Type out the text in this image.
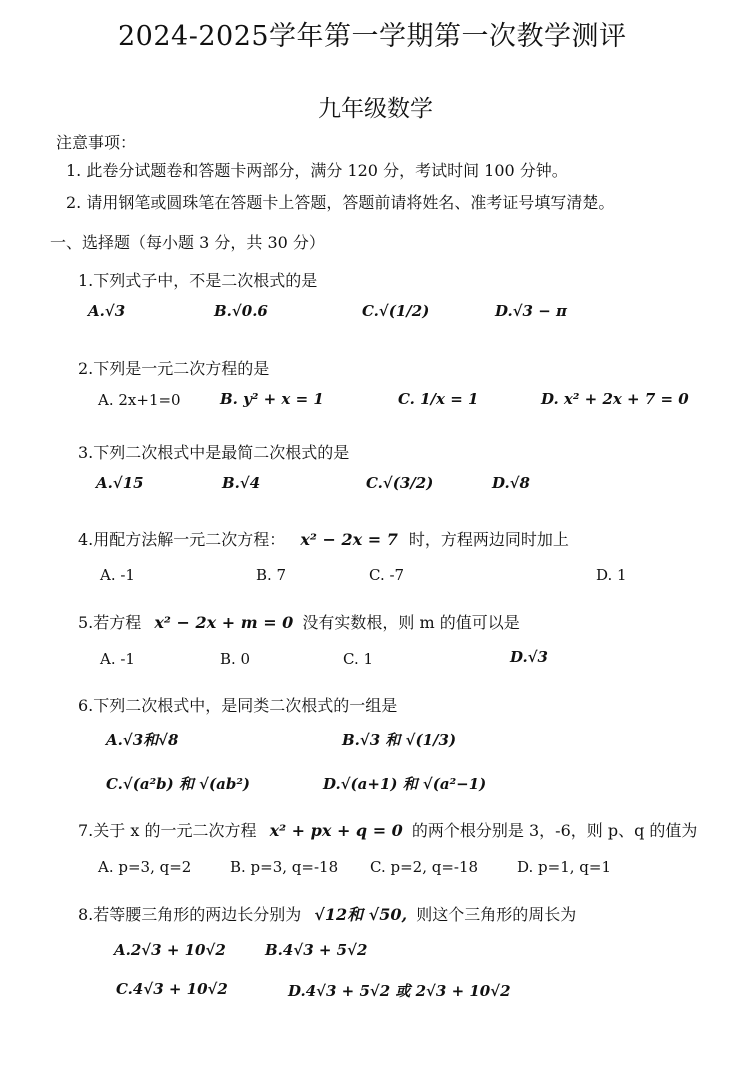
2024-2025学年第一学期第一次教学测评
九年级数学
注意事项：
1. 此卷分试题卷和答题卡两部分，满分 120 分，考试时间 100 分钟。
2. 请用钢笔或圆珠笔在答题卡上答题，答题前请将姓名、准考证号填写清楚。
一、选择题（每小题 3 分，共 30 分）
1.下列式子中，不是二次根式的是
A.√3	B.√0.6	C.√(1/2)	D.√3 − π
2.下列是一元二次方程的是
A. 2x+1=0	B. y² + x = 1	C. 1/x = 1	D. x² + 2x + 7 = 0
3.下列二次根式中是最简二次根式的是
A.√15	B.√4	C.√(3/2)	D.√8
4.用配方法解一元二次方程： x² − 2x = 7 时，方程两边同时加上
A. -1	B. 7	C. -7	D. 1
5.若方程 x² − 2x + m = 0 没有实数根，则 m 的值可以是
A. -1	B. 0	C. 1	D.√3
6.下列二次根式中，是同类二次根式的一组是
A.√3和√8	B.√3 和 √(1/3)
C.√(a²b) 和 √(ab²)	D.√(a+1) 和 √(a²−1)
7.关于 x 的一元二次方程 x² + px + q = 0 的两个根分别是 3，-6，则 p、q 的值为
A. p=3, q=2	B. p=3, q=-18 C. p=2, q=-18	D. p=1, q=1
8.若等腰三角形的两边长分别为 √12和 √50, 则这个三角形的周长为
A.2√3 + 10√2	B.4√3 + 5√2
C.4√3 + 10√2	D.4√3 + 5√2 或 2√3 + 10√2
